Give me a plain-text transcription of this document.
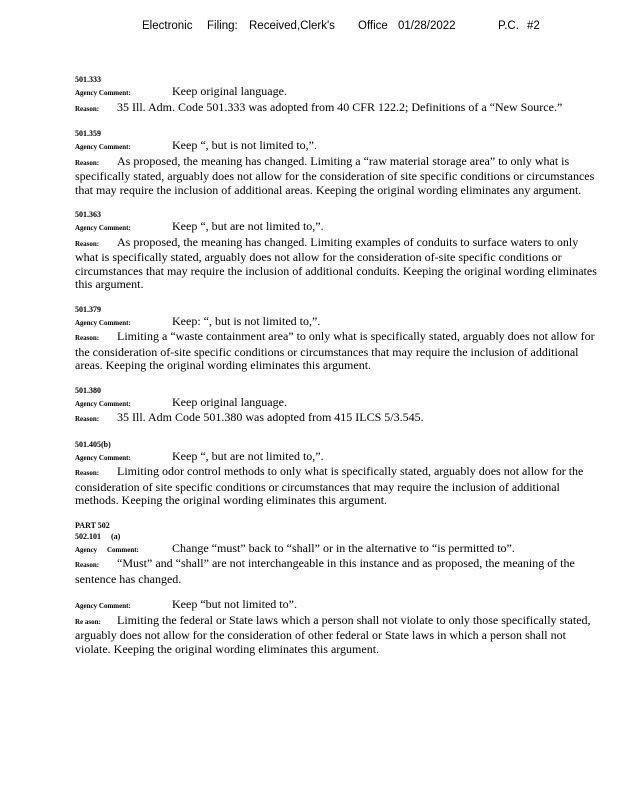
Electronic

Filing:

Received,Clerk's

Office

01/28/2022

	P.C.

#2

501.333
Agency Comment:	Keep original language.
Reason: 35 Ill. Adm. Code 501.333 was adopted from 40 CFR 122.2; Definitions of a “New Source.”
501.359
Agency Comment:	Keep “, but is not limited to,”.
Reason: As proposed, the meaning has changed. Limiting a “raw material storage area” to only what is specifically stated, arguably does not allow for the consideration of site specific conditions or circumstances that may require the inclusion of additional areas. Keeping the original wording eliminates any argument.
501.363
Agency Comment:	Keep “, but are not limited to,”.
Reason: As proposed, the meaning has changed. Limiting examples of conduits to surface waters to only what is specifically stated, arguably does not allow for the consideration of-site specific conditions or circumstances that may require the inclusion of additional conduits. Keeping the original wording eliminates this argument.
501.379
Agency Comment:	Keep: “, but is not limited to,”.
Reason: Limiting a “waste containment area” to only what is specifically stated, arguably does not allow for the consideration of-site specific conditions or circumstances that may require the inclusion of additional areas. Keeping the original wording eliminates this argument.
501.380
Agency Comment:	Keep original language.
Reason: 35 Ill. Adm Code 501.380 was adopted from 415 ILCS 5/3.545.
501.405(b)
Agency Comment:	Keep “, but are not limited to,”.
Reason: Limiting odor control methods to only what is specifically stated, arguably does not allow for the consideration of site specific conditions or circumstances that may require the inclusion of additional methods. Keeping the original wording eliminates this argument.
PART 502
502.101 (a)
Agency Comment:	Change “must” back to “shall” or in the alternative to “is permitted to”.
Reason: “Must” and “shall” are not interchangeable in this instance and as proposed, the meaning of the sentence has changed.
Agency Comment:	Keep “but not limited to”.
Re ason: Limiting the federal or State laws which a person shall not violate to only those specifically stated, arguably does not allow for the consideration of other federal or State laws in which a person shall not violate. Keeping the original wording eliminates this argument.
